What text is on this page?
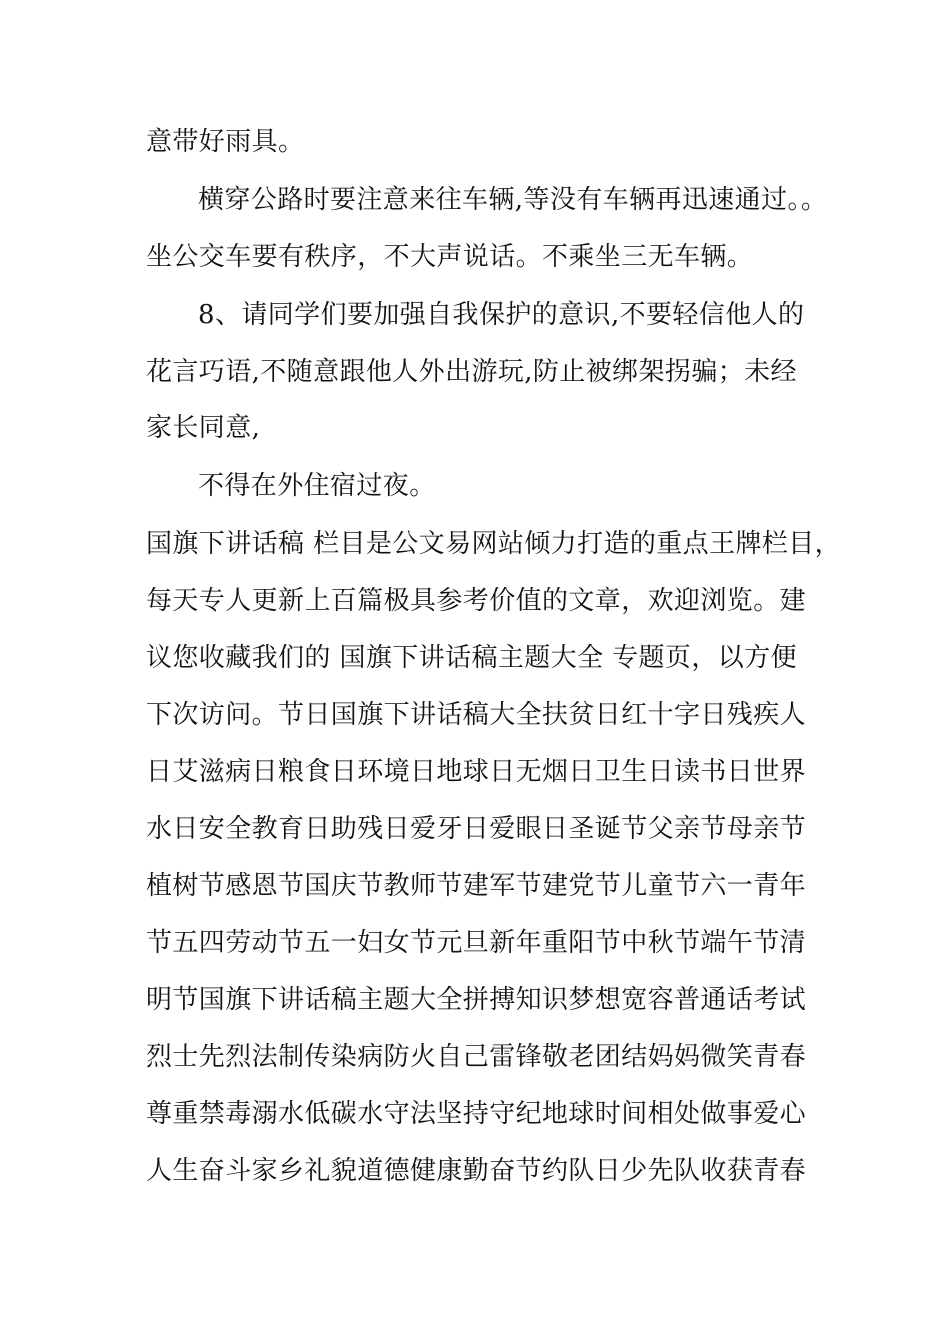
意带好雨具。
横穿公路时要注意来往车辆,等没有车辆再迅速通过。。
坐公交车要有秩序，不大声说话。不乘坐三无车辆。
8、请同学们要加强自我保护的意识,不要轻信他人的
花言巧语,不随意跟他人外出游玩,防止被绑架拐骗；未经
家长同意,
不得在外住宿过夜。
国旗下讲话稿 栏目是公文易网站倾力打造的重点王牌栏目，
每天专人更新上百篇极具参考价值的文章，欢迎浏览。建
议您收藏我们的 国旗下讲话稿主题大全 专题页，以方便
下次访问。节日国旗下讲话稿大全扶贫日红十字日残疾人
日艾滋病日粮食日环境日地球日无烟日卫生日读书日世界
水日安全教育日助残日爱牙日爱眼日圣诞节父亲节母亲节
植树节感恩节国庆节教师节建军节建党节儿童节六一青年
节五四劳动节五一妇女节元旦新年重阳节中秋节端午节清
明节国旗下讲话稿主题大全拼搏知识梦想宽容普通话考试
烈士先烈法制传染病防火自己雷锋敬老团结妈妈微笑青春
尊重禁毒溺水低碳水守法坚持守纪地球时间相处做事爱心
人生奋斗家乡礼貌道德健康勤奋节约队日少先队收获青春
